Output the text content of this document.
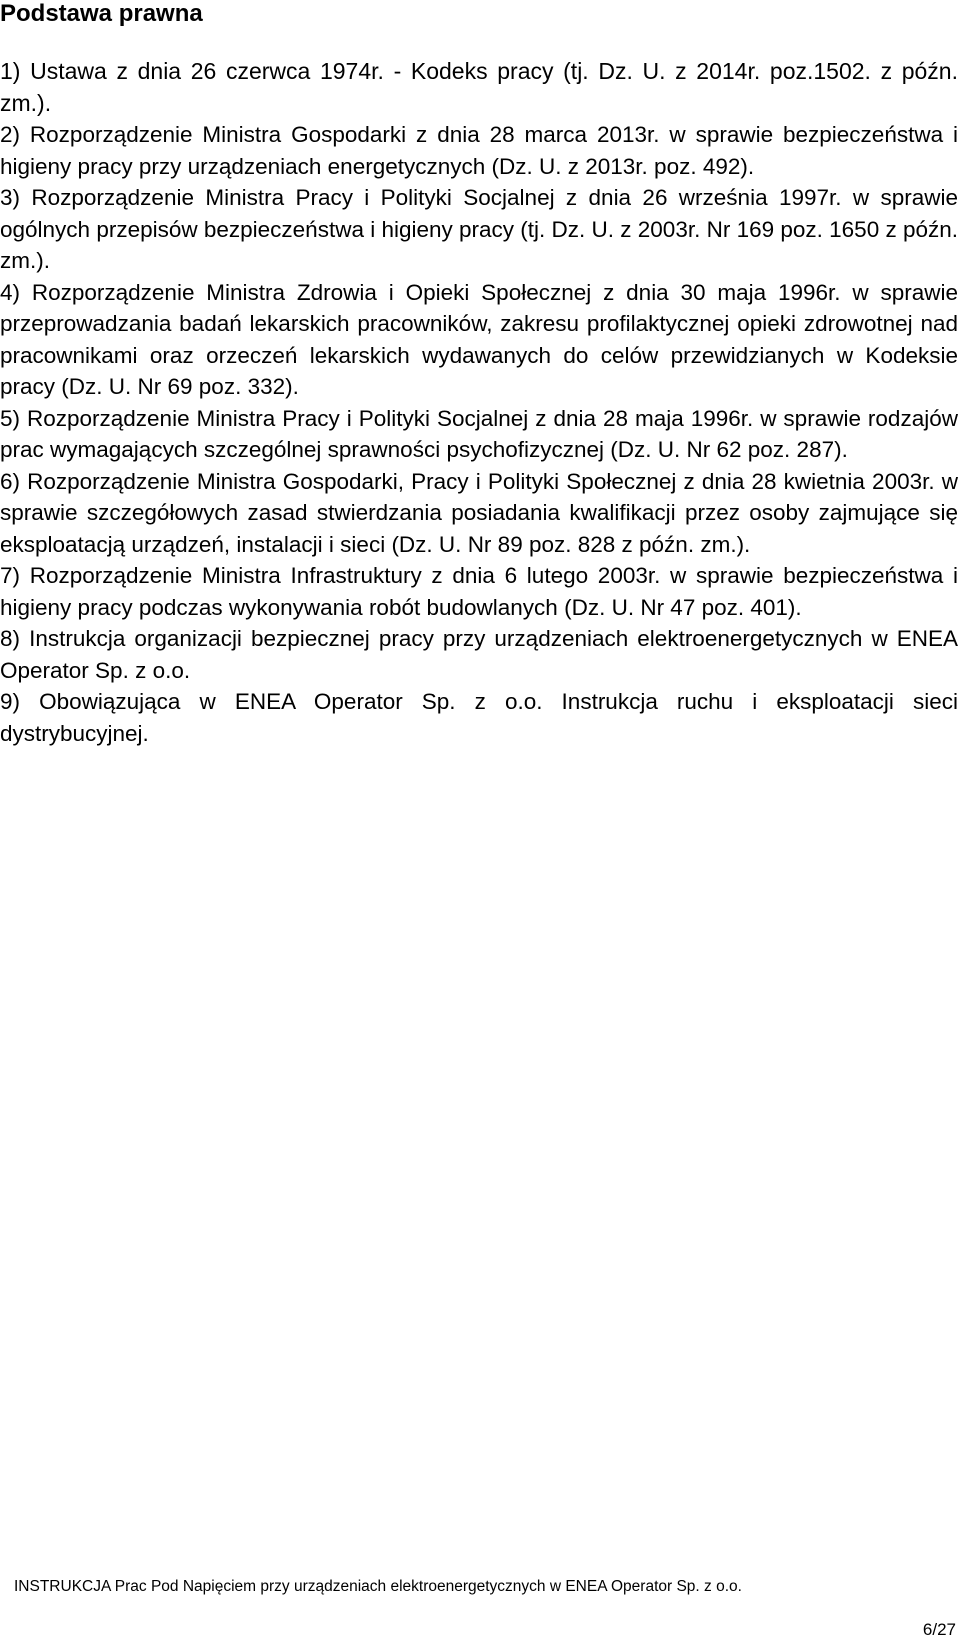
Podstawa prawna
1) Ustawa z dnia 26 czerwca 1974r. - Kodeks pracy (tj. Dz. U. z 2014r. poz.1502. z późn. zm.).
2) Rozporządzenie Ministra Gospodarki z dnia 28 marca 2013r. w sprawie bezpieczeństwa i higieny pracy przy urządzeniach energetycznych (Dz. U. z 2013r. poz. 492).
3) Rozporządzenie Ministra Pracy i Polityki Socjalnej z dnia 26 września 1997r. w sprawie ogólnych przepisów bezpieczeństwa i higieny pracy (tj. Dz. U. z 2003r. Nr 169 poz. 1650 z późn. zm.).
4) Rozporządzenie Ministra Zdrowia i Opieki Społecznej z dnia 30 maja 1996r. w sprawie przeprowadzania badań lekarskich pracowników, zakresu profilaktycznej opieki zdrowotnej nad pracownikami oraz orzeczeń lekarskich wydawanych do celów przewidzianych w Kodeksie pracy (Dz. U. Nr 69 poz. 332).
5) Rozporządzenie Ministra Pracy i Polityki Socjalnej z dnia 28 maja 1996r. w sprawie rodzajów prac wymagających szczególnej sprawności psychofizycznej (Dz. U. Nr 62 poz. 287).
6) Rozporządzenie Ministra Gospodarki, Pracy i Polityki Społecznej z dnia 28 kwietnia 2003r. w sprawie szczegółowych zasad stwierdzania posiadania kwalifikacji przez osoby zajmujące się eksploatacją urządzeń, instalacji i sieci (Dz. U. Nr 89 poz. 828 z późn. zm.).
7) Rozporządzenie Ministra Infrastruktury z dnia 6 lutego 2003r. w sprawie bezpieczeństwa i higieny pracy podczas wykonywania robót budowlanych (Dz. U. Nr 47 poz. 401).
8) Instrukcja organizacji bezpiecznej pracy przy urządzeniach elektroenergetycznych w ENEA Operator Sp. z o.o.
9) Obowiązująca w ENEA Operator Sp. z o.o. Instrukcja ruchu i eksploatacji sieci dystrybucyjnej.
INSTRUKCJA Prac Pod Napięciem przy urządzeniach elektroenergetycznych w ENEA Operator Sp. z o.o.
6/27
